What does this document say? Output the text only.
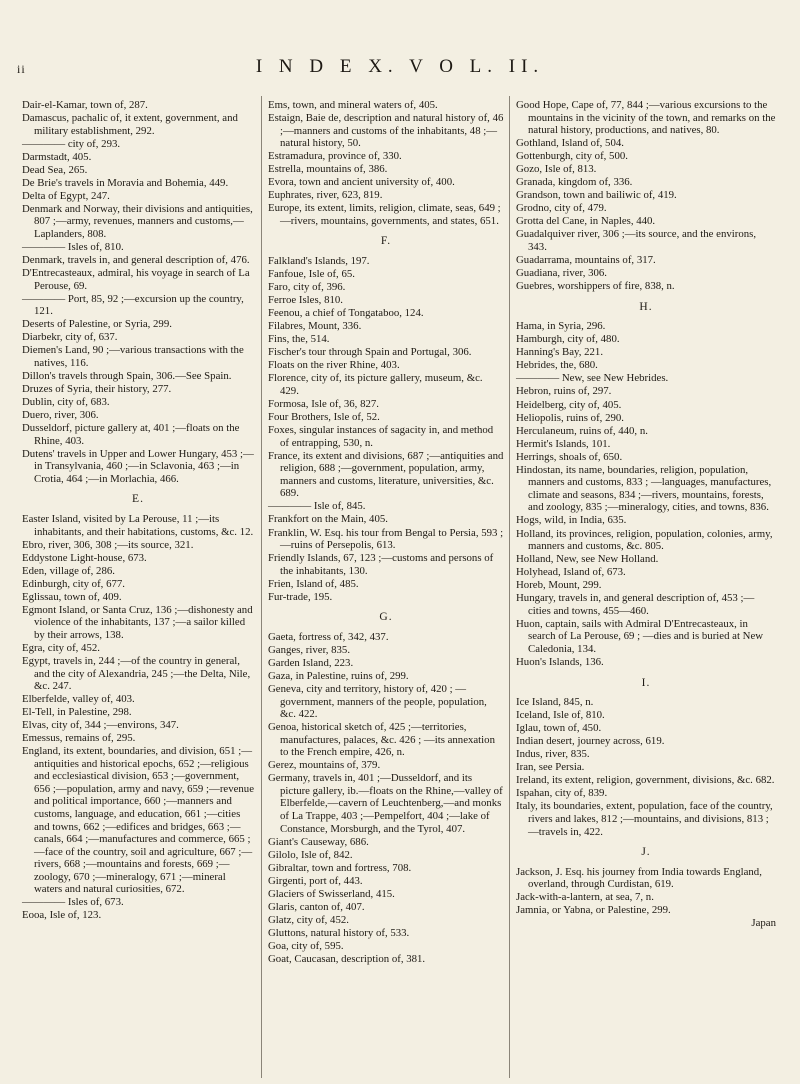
ii	I N D E X. V O L. II.
Dair-el-Kamar, town of, 287.
Damascus, pachalic of, it extent, government, and military establishment, 292.
———— city of, 293.
Darmstadt, 405.
Dead Sea, 265.
De Brie's travels in Moravia and Bohemia, 449.
Delta of Egypt, 247.
Denmark and Norway, their divisions and antiquities, 807 ;—army, revenues, manners and customs,—Laplanders, 808.
———— Isles of, 810.
Denmark, travels in, and general description of, 476.
D'Entrecasteaux, admiral, his voyage in search of La Perouse, 69.
———— Port, 85, 92 ;—excursion up the country, 121.
Deserts of Palestine, or Syria, 299.
Diarbekr, city of, 637.
Diemen's Land, 90 ;—various transactions with the natives, 116.
Dillon's travels through Spain, 306.—See Spain.
Druzes of Syria, their history, 277.
Dublin, city of, 683.
Duero, river, 306.
Dusseldorf, picture gallery at, 401 ;—floats on the Rhine, 403.
Dutens' travels in Upper and Lower Hungary, 453 ;—in Transylvania, 460 ;—in Sclavonia, 463 ;—in Crotia, 464 ;—in Morlachia, 466.
E.
Easter Island, visited by La Perouse, 11 ;—its inhabitants, and their habitations, customs, &c. 12.
Ebro, river, 306, 308 ;—its source, 321.
Eddystone Light-house, 673.
Eden, village of, 286.
Edinburgh, city of, 677.
Eglissau, town of, 409.
Egmont Island, or Santa Cruz, 136 ;—dishonesty and violence of the inhabitants, 137 ;—a sailor killed by their arrows, 138.
Egra, city of, 452.
Egypt, travels in, 244 ;—of the country in general, and the city of Alexandria, 245 ;—the Delta, Nile, &c. 247.
Elberfelde, valley of, 403.
El-Tell, in Palestine, 298.
Elvas, city of, 344 ;—environs, 347.
Emessus, remains of, 295.
England, its extent, boundaries, and division, 651 ;—antiquities and historical epochs, 652 ;—religious and ecclesiastical division, 653 ;—government, 656 ;—population, army and navy, 659 ;—revenue and political importance, 660 ;—manners and customs, language, and education, 661 ;—cities and towns, 662 ;—edifices and bridges, 663 ;—canals, 664 ;—manufactures and commerce, 665 ;—face of the country, soil and agriculture, 667 ;—rivers, 668 ;—mountains and forests, 669 ;—zoology, 670 ;—mineralogy, 671 ;—mineral waters and natural curiosities, 672.
———— Isles of, 673.
Eooa, Isle of, 123.
Ems, town, and mineral waters of, 405.
Estaign, Baie de, description and natural history of, 46 ;—manners and customs of the inhabitants, 48 ;—natural history, 50.
Estramadura, province of, 330.
Estrella, mountains of, 386.
Evora, town and ancient university of, 400.
Euphrates, river, 623, 819.
Europe, its extent, limits, religion, climate, seas, 649 ;—rivers, mountains, governments, and states, 651.
F.
Falkland's Islands, 197.
Fanfoue, Isle of, 65.
Faro, city of, 396.
Ferroe Isles, 810.
Feenou, a chief of Tongataboo, 124.
Filabres, Mount, 336.
Fins, the, 514.
Fischer's tour through Spain and Portugal, 306.
Floats on the river Rhine, 403.
Florence, city of, its picture gallery, museum, &c. 429.
Formosa, Isle of, 36, 827.
Four Brothers, Isle of, 52.
Foxes, singular instances of sagacity in, and method of entrapping, 530, n.
France, its extent and divisions, 687 ;—antiquities and religion, 688 ;—government, population, army, manners and customs, literature, universities, &c. 689.
———— Isle of, 845.
Frankfort on the Main, 405.
Franklin, W. Esq. his tour from Bengal to Persia, 593 ;—ruins of Persepolis, 613.
Friendly Islands, 67, 123 ;—customs and persons of the inhabitants, 130.
Frien, Island of, 485.
Fur-trade, 195.
G.
Gaeta, fortress of, 342, 437.
Ganges, river, 835.
Garden Island, 223.
Gaza, in Palestine, ruins of, 299.
Geneva, city and territory, history of, 420 ; —government, manners of the people, population, &c. 422.
Genoa, historical sketch of, 425 ;—territories, manufactures, palaces, &c. 426 ; —its annexation to the French empire, 426, n.
Gerez, mountains of, 379.
Germany, travels in, 401 ;—Dusseldorf, and its picture gallery, ib.—floats on the Rhine,—valley of Elberfelde,—cavern of Leuchtenberg,—and monks of La Trappe, 403 ;—Pempelfort, 404 ;—lake of Constance, Morsburgh, and the Tyrol, 407.
Giant's Causeway, 686.
Gilolo, Isle of, 842.
Gibraltar, town and fortress, 708.
Girgenti, port of, 443.
Glaciers of Swisserland, 415.
Glaris, canton of, 407.
Glatz, city of, 452.
Gluttons, natural history of, 533.
Goa, city of, 595.
Goat, Caucasan, description of, 381.
Good Hope, Cape of, 77, 844 ;—various excursions to the mountains in the vicinity of the town, and remarks on the natural history, productions, and natives, 80.
Gothland, Island of, 504.
Gottenburgh, city of, 500.
Gozo, Isle of, 813.
Granada, kingdom of, 336.
Grandson, town and bailiwic of, 419.
Grodno, city of, 479.
Grotta del Cane, in Naples, 440.
Guadalquiver river, 306 ;—its source, and the environs, 343.
Guadarrama, mountains of, 317.
Guadiana, river, 306.
Guebres, worshippers of fire, 838, n.
H.
Hama, in Syria, 296.
Hamburgh, city of, 480.
Hanning's Bay, 221.
Hebrides, the, 680.
———— New, see New Hebrides.
Hebron, ruins of, 297.
Heidelberg, city of, 405.
Heliopolis, ruins of, 290.
Herculaneum, ruins of, 440, n.
Hermit's Islands, 101.
Herrings, shoals of, 650.
Hindostan, its name, boundaries, religion, population, manners and customs, 833 ; —languages, manufactures, climate and seasons, 834 ;—rivers, mountains, forests, and zoology, 835 ;—mineralogy, cities, and towns, 836.
Hogs, wild, in India, 635.
Holland, its provinces, religion, population, colonies, army, manners and customs, &c. 805.
Holland, New, see New Holland.
Holyhead, Island of, 673.
Horeb, Mount, 299.
Hungary, travels in, and general description of, 453 ;—cities and towns, 455—460.
Huon, captain, sails with Admiral D'Entrecasteaux, in search of La Perouse, 69 ; —dies and is buried at New Caledonia, 134.
Huon's Islands, 136.
I.
Ice Island, 845, n.
Iceland, Isle of, 810.
Iglau, town of, 450.
Indian desert, journey across, 619.
Indus, river, 835.
Iran, see Persia.
Ireland, its extent, religion, government, divisions, &c. 682.
Ispahan, city of, 839.
Italy, its boundaries, extent, population, face of the country, rivers and lakes, 812 ;—mountains, and divisions, 813 ; —travels in, 422.
J.
Jackson, J. Esq. his journey from India towards England, overland, through Curdistan, 619.
Jack-with-a-lantern, at sea, 7, n.
Jamnia, or Yabna, or Palestine, 299.
Japan
